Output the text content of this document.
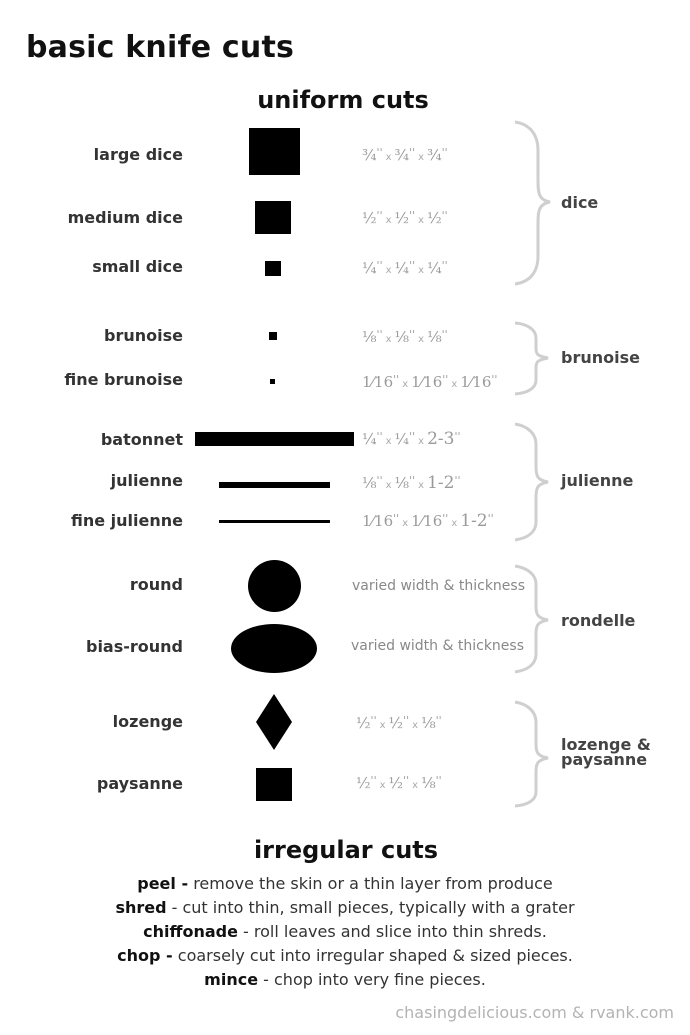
basic knife cuts
uniform cuts
large dice
medium dice
small dice
brunoise
fine brunoise
batonnet
julienne
fine julienne
round
bias-round
lozenge
paysanne
¾'' x ¾'' x ¾''
½'' x ½'' x ½''
¼'' x ¼'' x ¼''
⅛'' x ⅛'' x ⅛''
1⁄16'' x 1⁄16'' x 1⁄16''
¼'' x ¼'' x 2-3''
⅛'' x ⅛'' x 1-2''
1⁄16'' x 1⁄16'' x 1-2''
varied width & thickness
varied width & thickness
½'' x ½'' x ⅛''
½'' x ½'' x ⅛''
dice
brunoise
julienne
rondelle
lozenge &
paysanne
irregular cuts
peel - remove the skin or a thin layer from produce
shred - cut into thin, small pieces, typically with a grater
chiffonade - roll leaves and slice into thin shreds.
chop - coarsely cut into irregular shaped & sized pieces.
mince - chop into very fine pieces.
chasingdelicious.com & rvank.com
